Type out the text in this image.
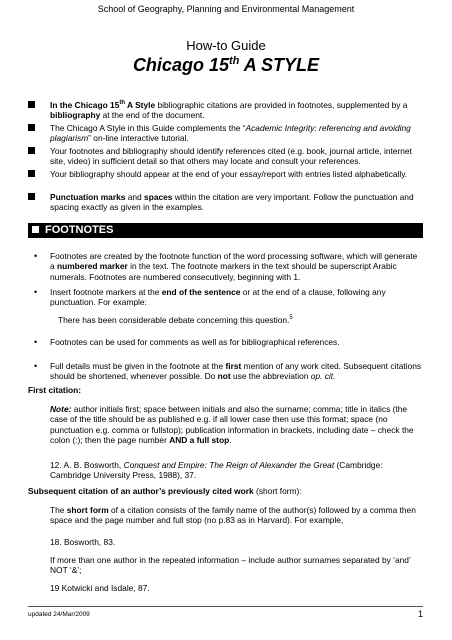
School of Geography, Planning and Environmental Management
How-to Guide
Chicago 15th A STYLE
In the Chicago 15th A Style bibliographic citations are provided in footnotes, supplemented by a bibliography at the end of the document.
The Chicago A Style in this Guide complements the “Academic Integrity: referencing and avoiding plagiarism” on-line interactive tutorial.
Your footnotes and bibliography should identify references cited (e.g. book, journal article, internet site, video) in sufficient detail so that others may locate and consult your references.
Your bibliography should appear at the end of your essay/report with entries listed alphabetically.
Punctuation marks and spaces within the citation are very important. Follow the punctuation and spacing exactly as given in the examples.
FOOTNOTES
• Footnotes are created by the footnote function of the word processing software, which will generate a numbered marker in the text. The footnote markers in the text should be superscript Arabic numerals. Footnotes are numbered consecutively, beginning with 1.
• Insert footnote markers at the end of the sentence or at the end of a clause, following any punctuation. For example:
There has been considerable debate concerning this question.$^5$
• Footnotes can be used for comments as well as for bibliographical references.
• Full details must be given in the footnote at the first mention of any work cited. Subsequent citations should be shortened, whenever possible. Do not use the abbreviation op. cit.
First citation:
Note: author initials first; space between initials and also the surname; comma; title in italics (the case of the title should be as published e.g. if all lower case then use this format; space (no punctuation e.g. comma or fullstop); publication information in brackets, including date – check the colon (:); then the page number AND a full stop.
12. A. B. Bosworth, Conquest and Empire: The Reign of Alexander the Great (Cambridge: Cambridge University Press, 1988), 37.
Subsequent citation of an author’s previously cited work (short form):
The short form of a citation consists of the family name of the author(s) followed by a comma then space and the page number and full stop (no p.83 as in Harvard). For example,
18. Bosworth, 83.
If more than one author in the repeated information – include author surnames separated by ‘and’ NOT ‘&’;
19 Kotwicki and Isdale, 87.
updated 24/Mar/2009	1
